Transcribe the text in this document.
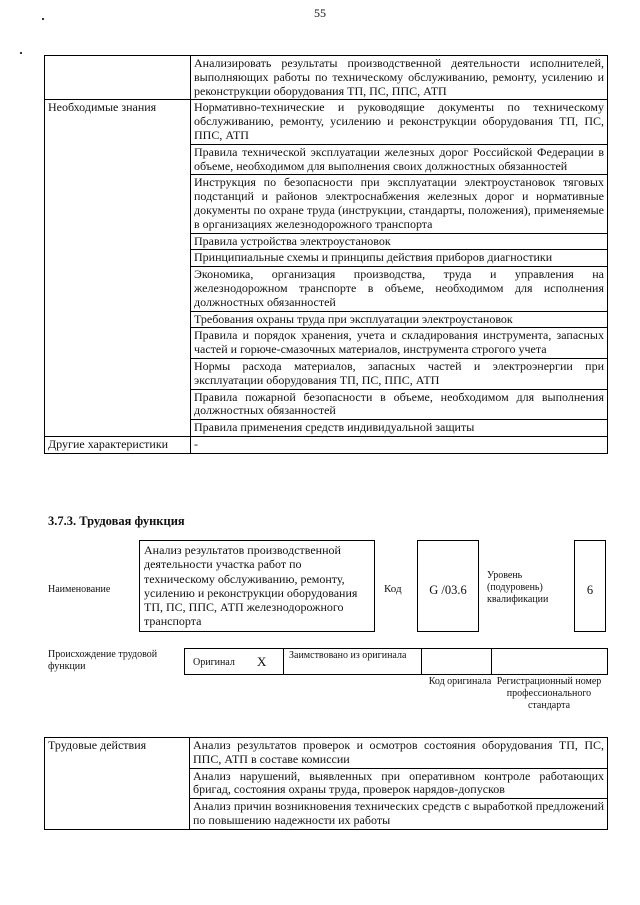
55
	Анализировать результаты производственной деятельности исполнителей, выполняющих работы по техническому обслуживанию, ремонту, усилению и реконструкции оборудования ТП, ПС, ППС, АТП
Необходимые знания	Нормативно-технические и руководящие документы по техническому обслуживанию, ремонту, усилению и реконструкции оборудования ТП, ПС, ППС, АТП
	Правила технической эксплуатации железных дорог Российской Федерации в объеме, необходимом для выполнения своих должностных обязанностей
	Инструкция по безопасности при эксплуатации электроустановок тяговых подстанций и районов электроснабжения железных дорог и нормативные документы по охране труда (инструкции, стандарты, положения), применяемые в организациях железнодорожного транспорта
	Правила устройства электроустановок
	Принципиальные схемы и принципы действия приборов диагностики
	Экономика, организация производства, труда и управления на железнодорожном транспорте в объеме, необходимом для исполнения должностных обязанностей
	Требования охраны труда при эксплуатации электроустановок
	Правила и порядок хранения, учета и складирования инструмента, запасных частей и горюче-смазочных материалов, инструмента строгого учета
	Нормы расхода материалов, запасных частей и электроэнергии при эксплуатации оборудования ТП, ПС, ППС, АТП
	Правила пожарной безопасности в объеме, необходимом для выполнения должностных обязанностей
	Правила применения средств индивидуальной защиты
Другие характеристики	-
3.7.3. Трудовая функция
Наименование
Анализ результатов производственной деятельности участка работ по техническому обслуживанию, ремонту, усилению и реконструкции оборудования ТП, ПС, ППС, АТП железнодорожного транспорта
Код	G /03.6
Уровень (подуровень) квалификации
6
Происхождение трудовой функции	Оригинал X Заимствовано из оригинала
Код оригинала Регистрационный номер профессионального стандарта
Трудовые действия	Анализ результатов проверок и осмотров состояния оборудования ТП, ПС, ППС, АТП в составе комиссии
Анализ нарушений, выявленных при оперативном контроле работающих бригад, состояния охраны труда, проверок нарядов-допусков
Анализ причин возникновения технических средств с выработкой предложений по повышению надежности их работы
